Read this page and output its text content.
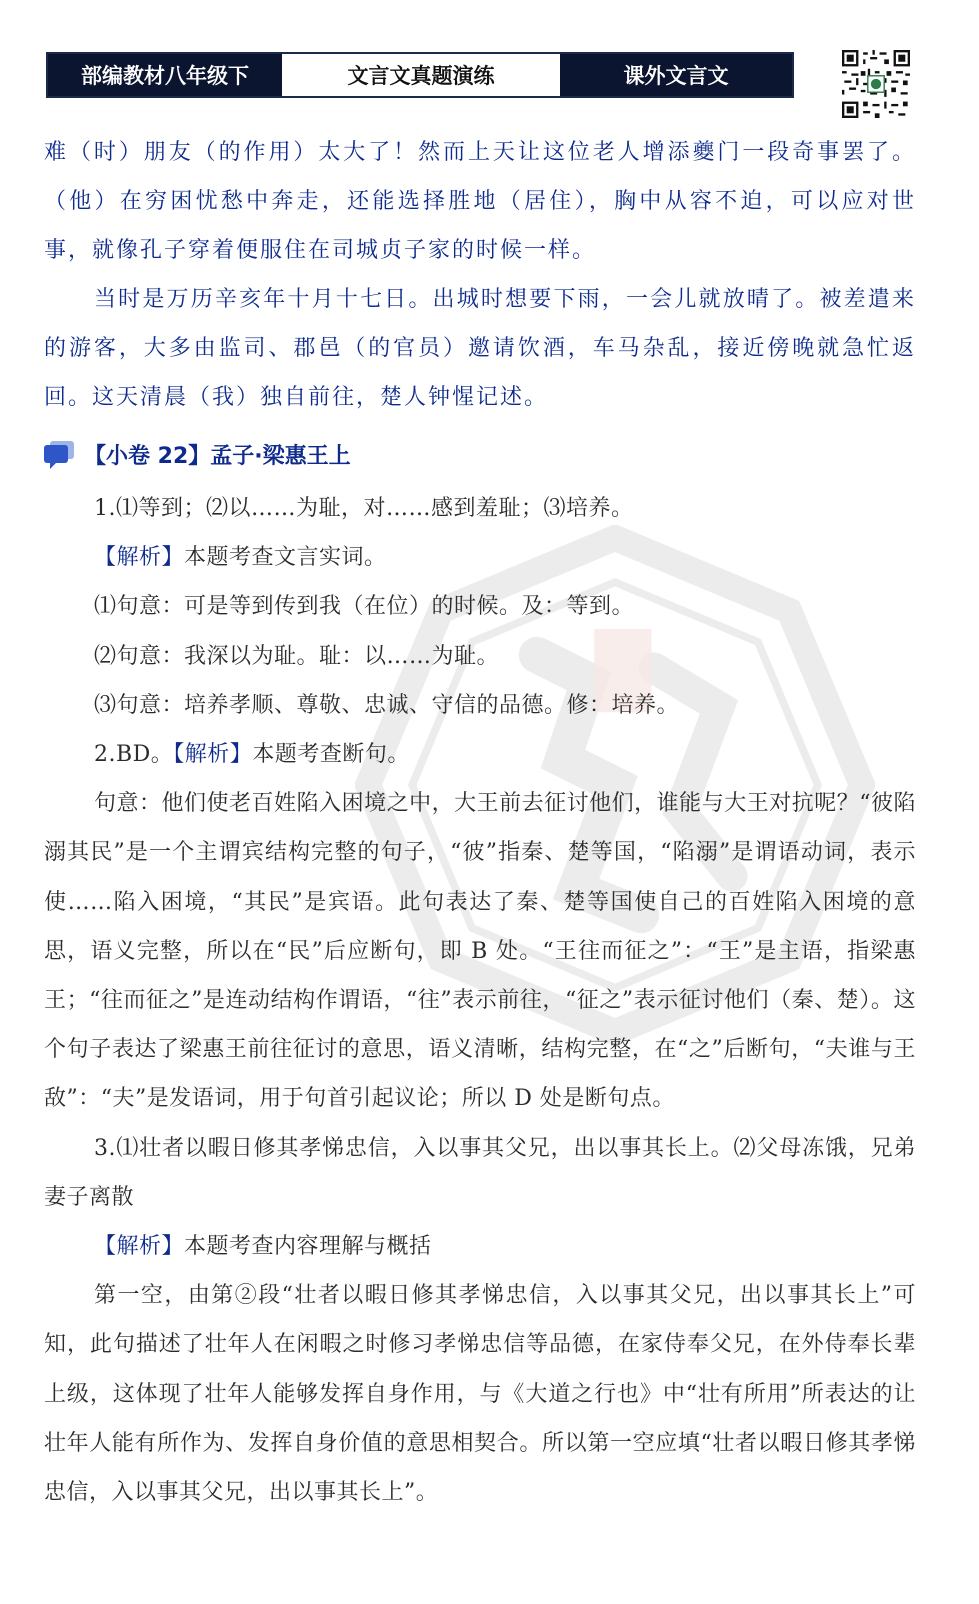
部编教材八年级下	文言文真题演练	课外文言文

难（时）朋友（的作用）太大了！然而上天让这位老人增添夔门一段奇事罢了。（他）在穷困忧愁中奔走，还能选择胜地（居住），胸中从容不迫，可以应对世事，就像孔子穿着便服住在司城贞子家的时候一样。

当时是万历辛亥年十月十七日。出城时想要下雨，一会儿就放晴了。被差遣来的游客，大多由监司、郡邑（的官员）邀请饮酒，车马杂乱，接近傍晚就急忙返回。这天清晨（我）独自前往，楚人钟惺记述。

【小卷 22】孟子·梁惠王上

1.⑴等到；⑵以……为耻，对……感到羞耻；⑶培养。

【解析】本题考查文言实词。

⑴句意：可是等到传到我（在位）的时候。及：等到。

⑵句意：我深以为耻。耻：以……为耻。

⑶句意：培养孝顺、尊敬、忠诚、守信的品德。修：培养。

2.BD。【解析】本题考查断句。

句意：他们使老百姓陷入困境之中，大王前去征讨他们，谁能与大王对抗呢？“彼陷溺其民”是一个主谓宾结构完整的句子，“彼”指秦、楚等国，“陷溺”是谓语动词，表示使……陷入困境，“其民”是宾语。此句表达了秦、楚等国使自己的百姓陷入困境的意思，语义完整，所以在“民”后应断句，即 B 处。“王往而征之”：“王”是主语，指梁惠王；“往而征之”是连动结构作谓语，“往”表示前往，“征之”表示征讨他们（秦、楚）。这个句子表达了梁惠王前往征讨的意思，语义清晰，结构完整，在“之”后断句，“夫谁与王敌”：“夫”是发语词，用于句首引起议论；所以 D 处是断句点。

3.⑴壮者以暇日修其孝悌忠信，入以事其父兄，出以事其长上。⑵父母冻饿，兄弟妻子离散

【解析】本题考查内容理解与概括

第一空，由第②段“壮者以暇日修其孝悌忠信，入以事其父兄，出以事其长上”可知，此句描述了壮年人在闲暇之时修习孝悌忠信等品德，在家侍奉父兄，在外侍奉长辈上级，这体现了壮年人能够发挥自身作用，与《大道之行也》中“壮有所用”所表达的让壮年人能有所作为、发挥自身价值的意思相契合。所以第一空应填“壮者以暇日修其孝悌忠信，入以事其父兄，出以事其长上”。
